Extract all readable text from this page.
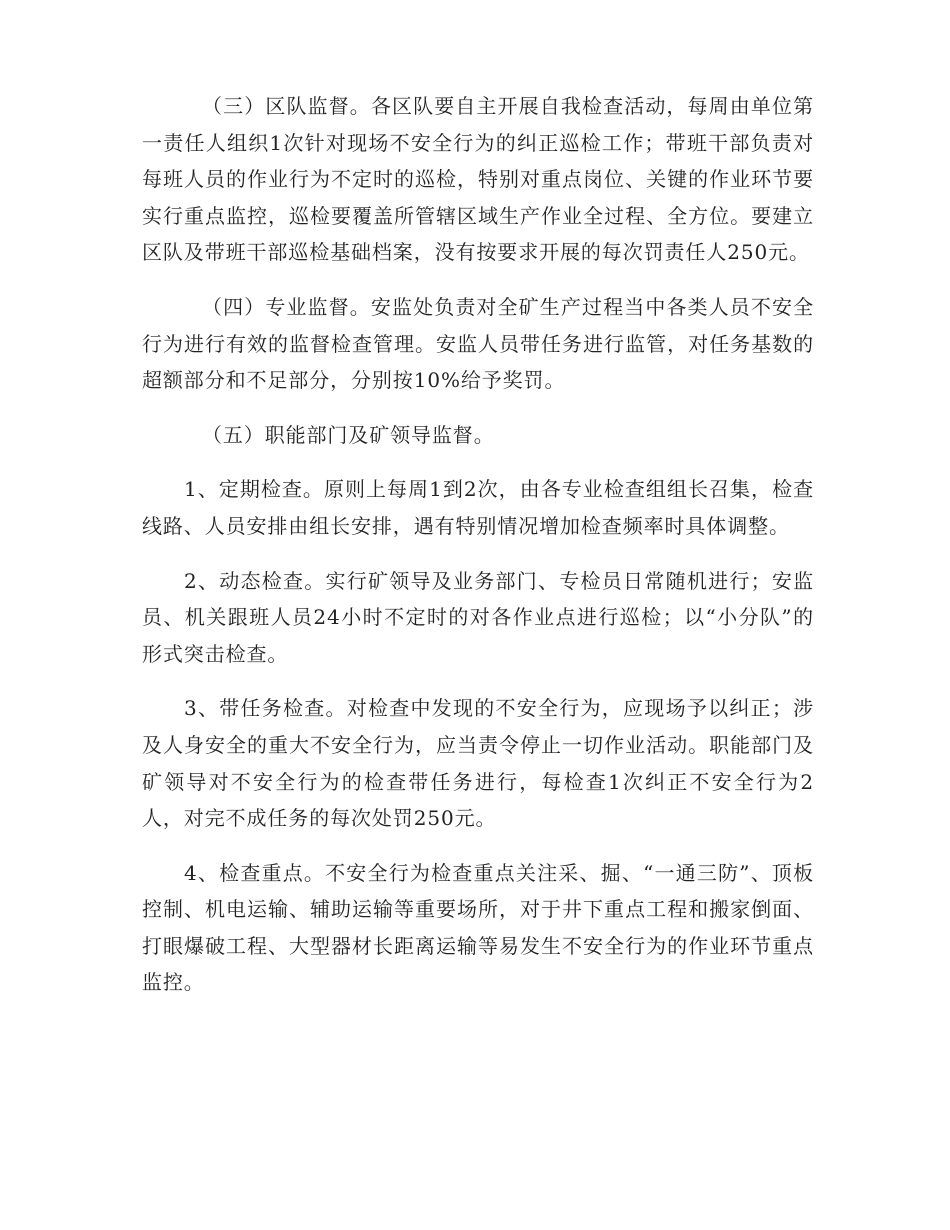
（三）区队监督。各区队要自主开展自我检查活动，每周由单位第一责任人组织1次针对现场不安全行为的纠正巡检工作；带班干部负责对每班人员的作业行为不定时的巡检，特别对重点岗位、关键的作业环节要实行重点监控，巡检要覆盖所管辖区域生产作业全过程、全方位。要建立区队及带班干部巡检基础档案，没有按要求开展的每次罚责任人250元。

（四）专业监督。安监处负责对全矿生产过程当中各类人员不安全行为进行有效的监督检查管理。安监人员带任务进行监管，对任务基数的超额部分和不足部分，分别按10%给予奖罚。

（五）职能部门及矿领导监督。

1、定期检查。原则上每周1到2次，由各专业检查组组长召集，检查线路、人员安排由组长安排，遇有特别情况增加检查频率时具体调整。

2、动态检查。实行矿领导及业务部门、专检员日常随机进行；安监员、机关跟班人员24小时不定时的对各作业点进行巡检；以“小分队”的形式突击检查。

3、带任务检查。对检查中发现的不安全行为，应现场予以纠正；涉及人身安全的重大不安全行为，应当责令停止一切作业活动。职能部门及矿领导对不安全行为的检查带任务进行，每检查1次纠正不安全行为2人，对完不成任务的每次处罚250元。

4、检查重点。不安全行为检查重点关注采、掘、“一通三防”、顶板控制、机电运输、辅助运输等重要场所，对于井下重点工程和搬家倒面、打眼爆破工程、大型器材长距离运输等易发生不安全行为的作业环节重点监控。
